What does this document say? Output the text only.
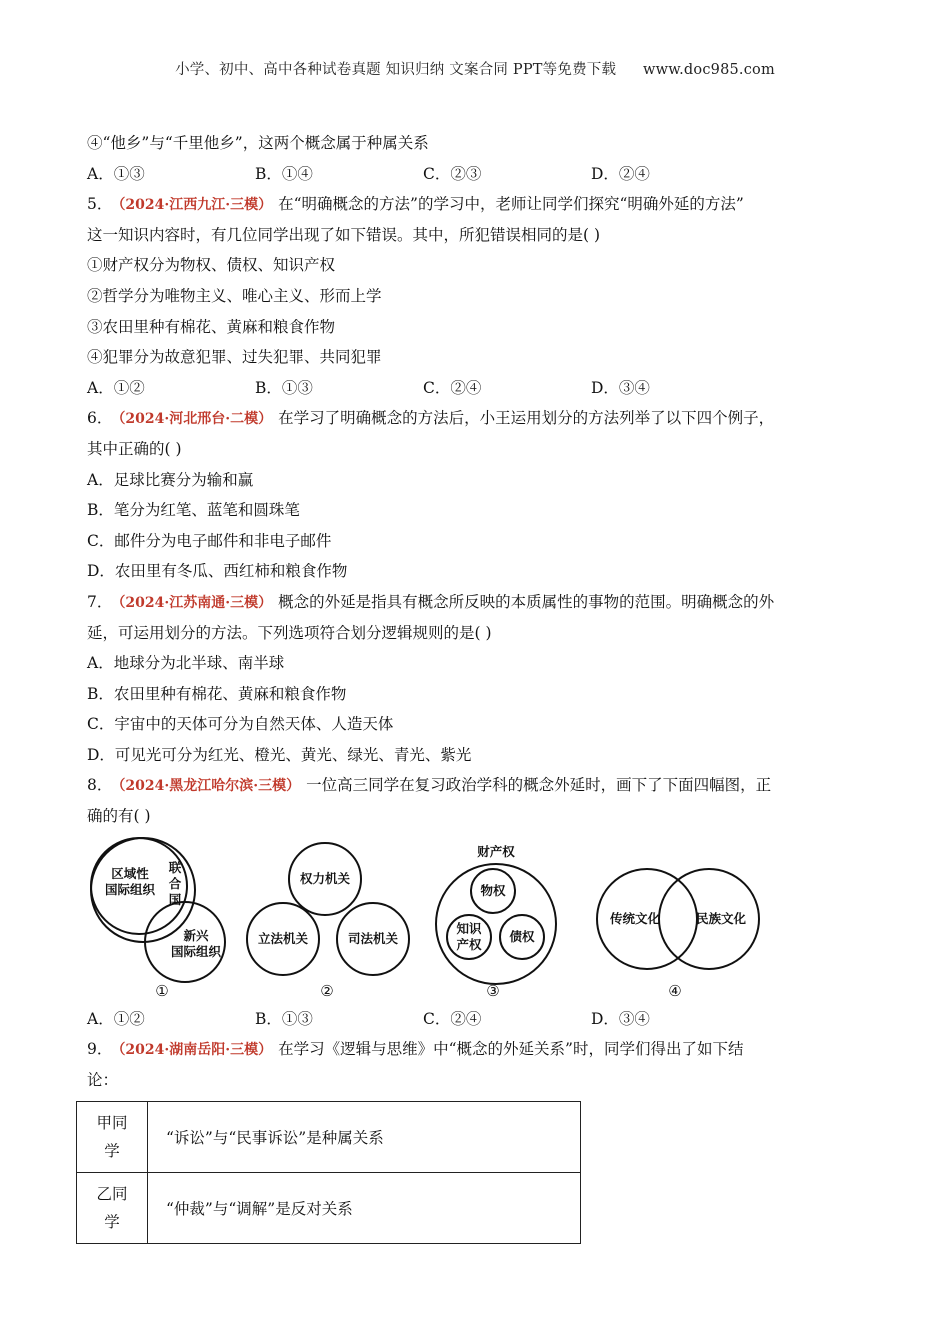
小学、初中、高中各种试卷真题 知识归纳 文案合同 PPT等免费下载 www.doc985.com
④“他乡”与“千里他乡”，这两个概念属于种属关系
A．①③	B．①④	C．②③	D．②④
5． （2024·江西九江·三模） 在“明确概念的方法”的学习中，老师让同学们探究“明确外延的方法”
这一知识内容时，有几位同学出现了如下错误。其中，所犯错误相同的是( )
①财产权分为物权、债权、知识产权
②哲学分为唯物主义、唯心主义、形而上学
③农田里种有棉花、黄麻和粮食作物
④犯罪分为故意犯罪、过失犯罪、共同犯罪
A．①②	B．①③	C．②④	D．③④
6． （2024·河北邢台·二模） 在学习了明确概念的方法后，小王运用划分的方法列举了以下四个例子，
其中正确的( )
A．足球比赛分为输和赢
B．笔分为红笔、蓝笔和圆珠笔
C．邮件分为电子邮件和非电子邮件
D．农田里有冬瓜、西红柿和粮食作物
7． （2024·江苏南通·三模） 概念的外延是指具有概念所反映的本质属性的事物的范围。明确概念的外
延，可运用划分的方法。下列选项符合划分逻辑规则的是( )
A．地球分为北半球、南半球
B．农田里种有棉花、黄麻和粮食作物
C．宇宙中的天体可分为自然天体、人造天体
D．可见光可分为红光、橙光、黄光、绿光、青光、紫光
8． （2024·黑龙江哈尔滨·三模） 一位高三同学在复习政治学科的概念外延时，画下了下面四幅图，正
确的有( )
区域性
国际组织
联
合
国
新兴
国际组织
权力机关
立法机关	司法机关
财产权
物权
知识
产权
债权
传统文化	民族文化
①	②	③	④
A．①②	B．①③	C．②④	D．③④
9． （2024·湖南岳阳·三模） 在学习《逻辑与思维》中“概念的外延关系”时，同学们得出了如下结
论：
甲同
学	“诉讼”与“民事诉讼”是种属关系
乙同
学	“仲裁”与“调解”是反对关系
